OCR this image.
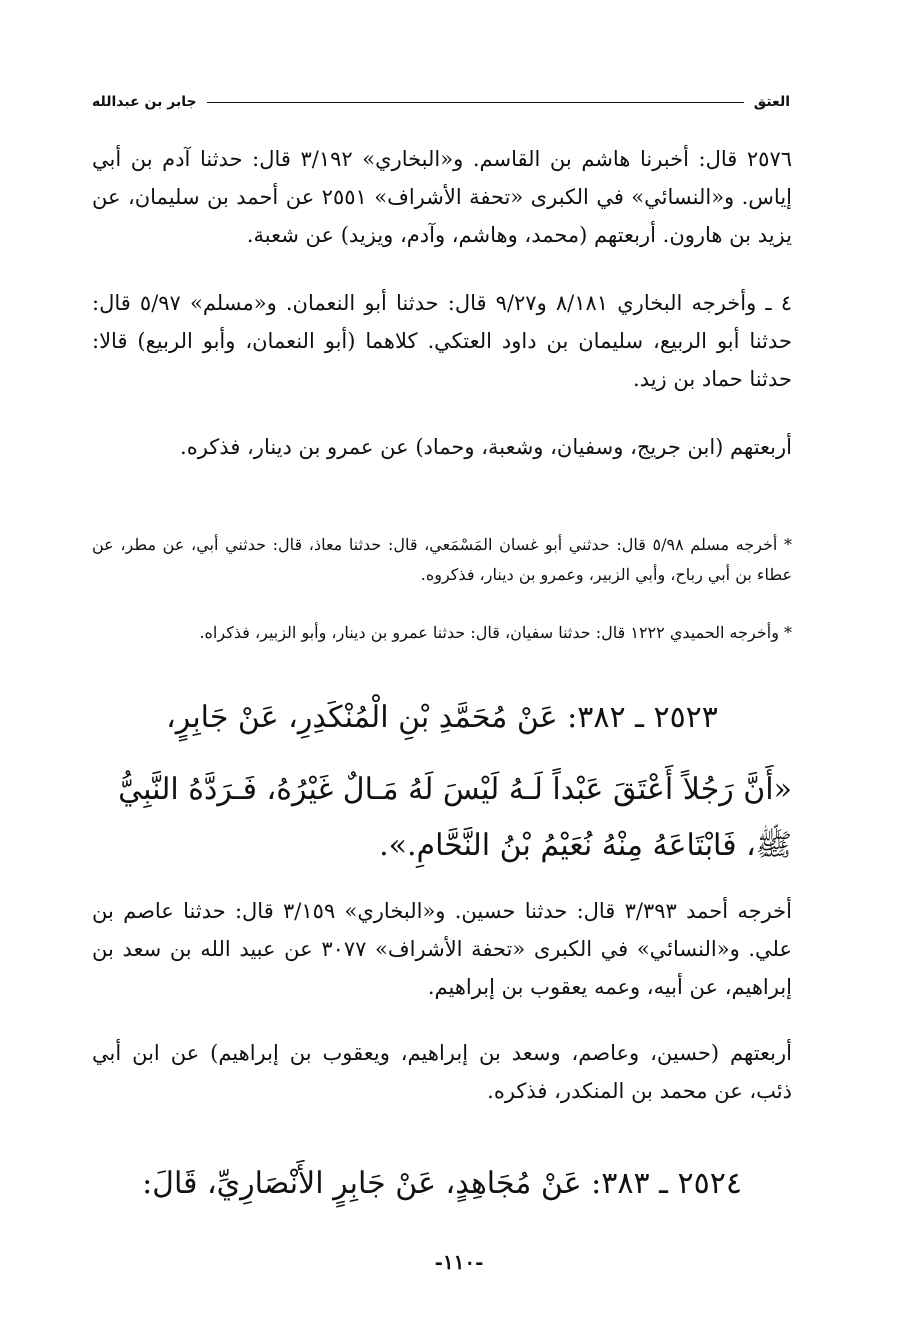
العتق
جابر بن عبدالله

٢٥٧٦ قال: أخبرنا هاشم بن القاسم. و«البخاري» ٣/١٩٢ قال: حدثنا آدم بن أبي إياس. و«النسائي» في الكبرى «تحفة الأشراف» ٢٥٥١ عن أحمد بن سليمان، عن يزيد بن هارون. أربعتهم (محمد، وهاشم، وآدم، ويزيد) عن شعبة.

٤ ـ وأخرجه البخاري ٨/١٨١ و٩/٢٧ قال: حدثنا أبو النعمان. و«مسلم» ٥/٩٧ قال: حدثنا أبو الربيع، سليمان بن داود العتكي. كلاهما (أبو النعمان، وأبو الربيع) قالا: حدثنا حماد بن زيد.

أربعتهم (ابن جريج، وسفيان، وشعبة، وحماد) عن عمرو بن دينار، فذكره.

* أخرجه مسلم ٥/٩٨ قال: حدثني أبو غسان المَسْمَعي، قال: حدثنا معاذ، قال: حدثني أبي، عن مطر، عن عطاء بن أبي رباح، وأبي الزبير، وعمرو بن دينار، فذكروه.

* وأخرجه الحميدي ١٢٢٢ قال: حدثنا سفيان، قال: حدثنا عمرو بن دينار، وأبو الزبير، فذكراه.

٢٥٢٣ ـ ٣٨٢: عَنْ مُحَمَّدِ بْنِ الْمُنْكَدِرِ، عَنْ جَابِرٍ،
«أَنَّ رَجُلاً أَعْتَقَ عَبْداً لَـهُ لَيْسَ لَهُ مَـالٌ غَيْرُهُ، فَـرَدَّهُ النَّبِيُّ ﷺ، فَابْتَاعَهُ مِنْهُ نُعَيْمُ بْنُ النَّحَّامِ.».

أخرجه أحمد ٣/٣٩٣ قال: حدثنا حسين. و«البخاري» ٣/١٥٩ قال: حدثنا عاصم بن علي. و«النسائي» في الكبرى «تحفة الأشراف» ٣٠٧٧ عن عبيد الله بن سعد بن إبراهيم، عن أبيه، وعمه يعقوب بن إبراهيم.

أربعتهم (حسين، وعاصم، وسعد بن إبراهيم، ويعقوب بن إبراهيم) عن ابن أبي ذئب، عن محمد بن المنكدر، فذكره.

٢٥٢٤ ـ ٣٨٣: عَنْ مُجَاهِدٍ، عَنْ جَابِرٍ الأَنْصَارِيِّ، قَالَ:
-١١٠-
